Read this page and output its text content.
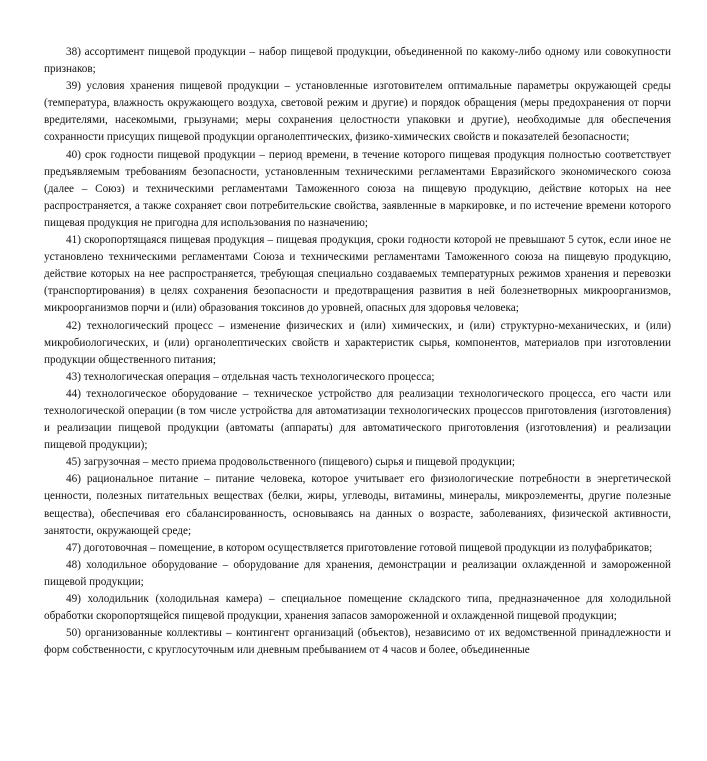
38) ассортимент пищевой продукции – набор пищевой продукции, объединенной по какому-либо одному или совокупности признаков;

39) условия хранения пищевой продукции – установленные изготовителем оптимальные параметры окружающей среды (температура, влажность окружающего воздуха, световой режим и другие) и порядок обращения (меры предохранения от порчи вредителями, насекомыми, грызунами; меры сохранения целостности упаковки и другие), необходимые для обеспечения сохранности присущих пищевой продукции органолептических, физико-химических свойств и показателей безопасности;

40) срок годности пищевой продукции – период времени, в течение которого пищевая продукция полностью соответствует предъявляемым требованиям безопасности, установленным техническими регламентами Евразийского экономического союза (далее – Союз) и техническими регламентами Таможенного союза на пищевую продукцию, действие которых на нее распространяется, а также сохраняет свои потребительские свойства, заявленные в маркировке, и по истечение времени которого пищевая продукция не пригодна для использования по назначению;

41) скоропортящаяся пищевая продукция – пищевая продукция, сроки годности которой не превышают 5 суток, если иное не установлено техническими регламентами Союза и техническими регламентами Таможенного союза на пищевую продукцию, действие которых на нее распространяется, требующая специально создаваемых температурных режимов хранения и перевозки (транспортирования) в целях сохранения безопасности и предотвращения развития в ней болезнетворных микроорганизмов, микроорганизмов порчи и (или) образования токсинов до уровней, опасных для здоровья человека;

42) технологический процесс – изменение физических и (или) химических, и (или) структурно-механических, и (или) микробиологических, и (или) органолептических свойств и характеристик сырья, компонентов, материалов при изготовлении продукции общественного питания;

43) технологическая операция – отдельная часть технологического процесса;

44) технологическое оборудование – техническое устройство для реализации технологического процесса, его части или технологической операции (в том числе устройства для автоматизации технологических процессов приготовления (изготовления) и реализации пищевой продукции (автоматы (аппараты) для автоматического приготовления (изготовления) и реализации пищевой продукции);

45) загрузочная – место приема продовольственного (пищевого) сырья и пищевой продукции;

46) рациональное питание – питание человека, которое учитывает его физиологические потребности в энергетической ценности, полезных питательных веществах (белки, жиры, углеводы, витамины, минералы, микроэлементы, другие полезные вещества), обеспечивая его сбалансированность, основываясь на данных о возрасте, заболеваниях, физической активности, занятости, окружающей среде;

47) доготовочная – помещение, в котором осуществляется приготовление готовой пищевой продукции из полуфабрикатов;

48) холодильное оборудование – оборудование для хранения, демонстрации и реализации охлажденной и замороженной пищевой продукции;

49) холодильник (холодильная камера) – специальное помещение складского типа, предназначенное для холодильной обработки скоропортящейся пищевой продукции, хранения запасов замороженной и охлажденной пищевой продукции;

50) организованные коллективы – контингент организаций (объектов), независимо от их ведомственной принадлежности и форм собственности, с круглосуточным или дневным пребыванием от 4 часов и более, объединенные
